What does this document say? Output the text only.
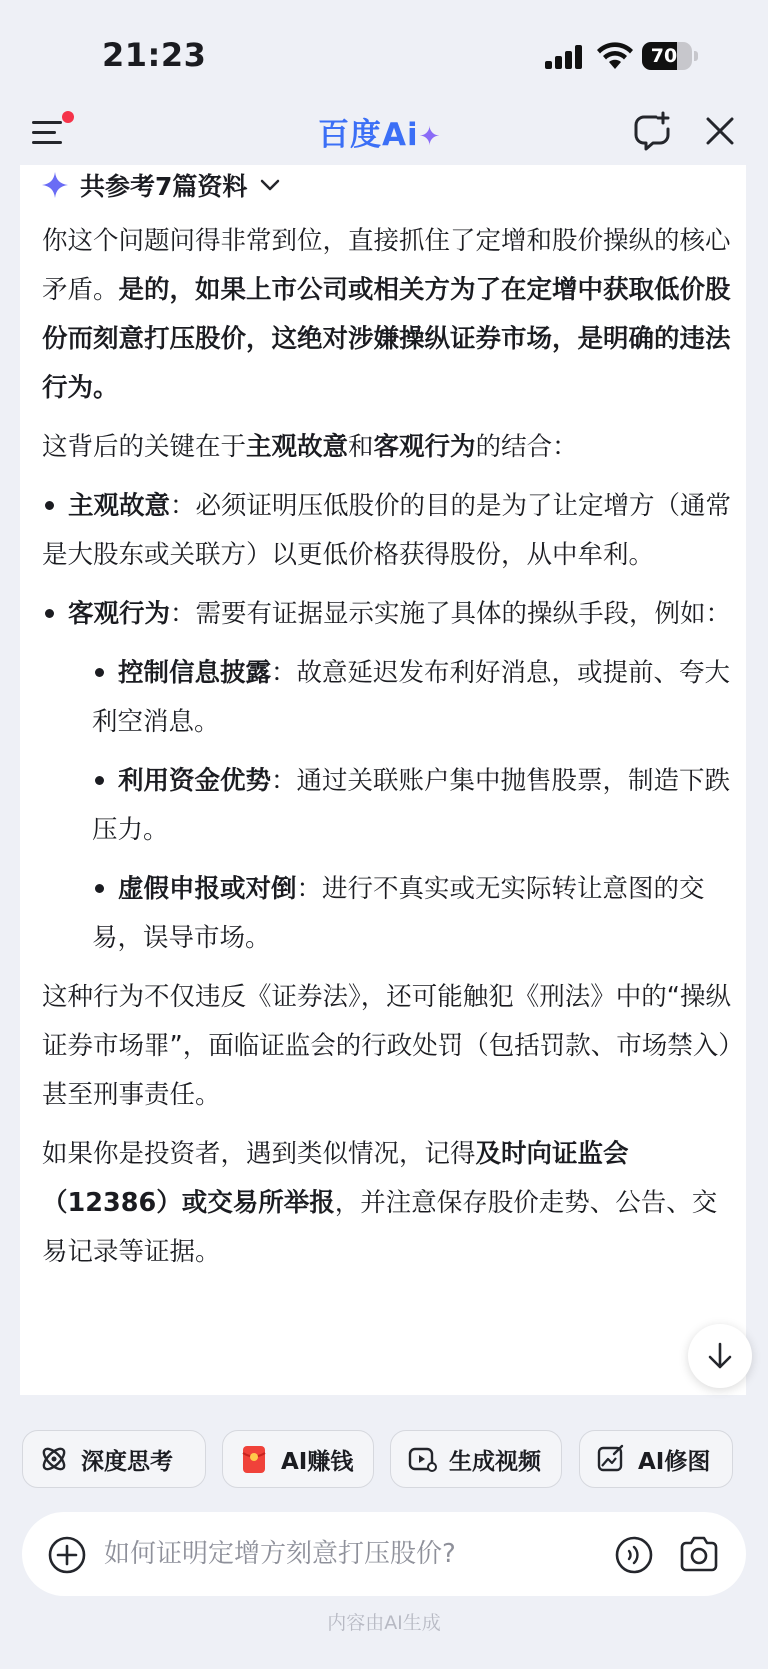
21:23	70
百度Ai✦
共参考7篇资料

你这个问题问得非常到位，直接抓住了定增和股价操纵的核心矛盾。是的，如果上市公司或相关方为了在定增中获取低价股份而刻意打压股价，这绝对涉嫌操纵证券市场，是明确的违法行为。

这背后的关键在于主观故意和客观行为的结合：

主观故意：必须证明压低股价的目的是为了让定增方（通常是大股东或关联方）以更低价格获得股份，从中牟利。
客观行为：需要有证据显示实施了具体的操纵手段，例如：
控制信息披露：故意延迟发布利好消息，或提前、夸大利空消息。
利用资金优势：通过关联账户集中抛售股票，制造下跌压力。
虚假申报或对倒：进行不真实或无实际转让意图的交易，误导市场。

这种行为不仅违反《证券法》，还可能触犯《刑法》中的“操纵证券市场罪”，面临证监会的行政处罚（包括罚款、市场禁入）甚至刑事责任。

如果你是投资者，遇到类似情况，记得及时向证监会（12386）或交易所举报，并注意保存股价走势、公告、交易记录等证据。

深度思考	AI赚钱	生成视频	AI修图
如何证明定增方刻意打压股价?
内容由AI生成
